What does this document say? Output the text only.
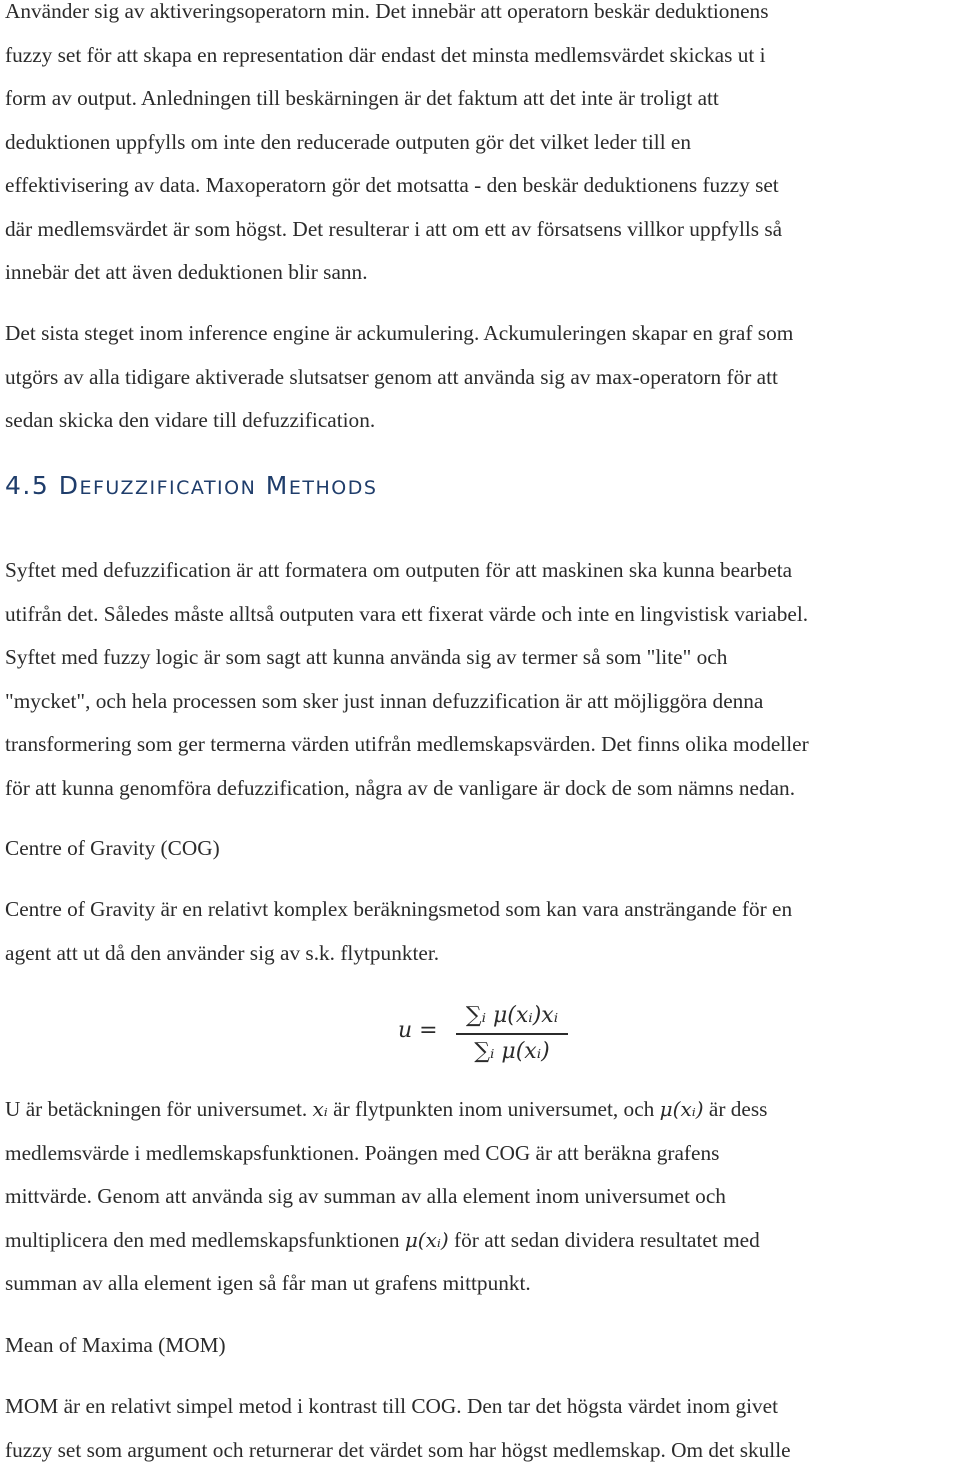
Använder sig av aktiveringsoperatorn min. Det innebär att operatorn beskär deduktionens
fuzzy set för att skapa en representation där endast det minsta medlemsvärdet skickas ut i
form av output. Anledningen till beskärningen är det faktum att det inte är troligt att
deduktionen uppfylls om inte den reducerade outputen gör det vilket leder till en
effektivisering av data. Maxoperatorn gör det motsatta - den beskär deduktionens fuzzy set
där medlemsvärdet är som högst. Det resulterar i att om ett av försatsens villkor uppfylls så
innebär det att även deduktionen blir sann.

Det sista steget inom inference engine är ackumulering. Ackumuleringen skapar en graf som
utgörs av alla tidigare aktiverade slutsatser genom att använda sig av max-operatorn för att
sedan skicka den vidare till defuzzification.

4.5 DEFUZZIFICATION METHODS

Syftet med defuzzification är att formatera om outputen för att maskinen ska kunna bearbeta
utifrån det. Således måste alltså outputen vara ett fixerat värde och inte en lingvistisk variabel.
Syftet med fuzzy logic är som sagt att kunna använda sig av termer så som "lite" och
"mycket", och hela processen som sker just innan defuzzification är att möjliggöra denna
transformering som ger termerna värden utifrån medlemskapsvärden. Det finns olika modeller
för att kunna genomföra defuzzification, några av de vanligare är dock de som nämns nedan.

Centre of Gravity (COG)

Centre of Gravity är en relativt komplex beräkningsmetod som kan vara ansträngande för en
agent att ut då den använder sig av s.k. flytpunkter.

u =
∑ᵢ μ(xᵢ)xᵢ
∑ᵢ μ(xᵢ)

U är betäckningen för universumet. xᵢ är flytpunkten inom universumet, och μ(xᵢ) är dess
medlemsvärde i medlemskapsfunktionen. Poängen med COG är att beräkna grafens
mittvärde. Genom att använda sig av summan av alla element inom universumet och
multiplicera den med medlemskapsfunktionen μ(xᵢ) för att sedan dividera resultatet med
summan av alla element igen så får man ut grafens mittpunkt.

Mean of Maxima (MOM)

MOM är en relativt simpel metod i kontrast till COG. Den tar det högsta värdet inom givet
fuzzy set som argument och returnerar det värdet som har högst medlemskap. Om det skulle
